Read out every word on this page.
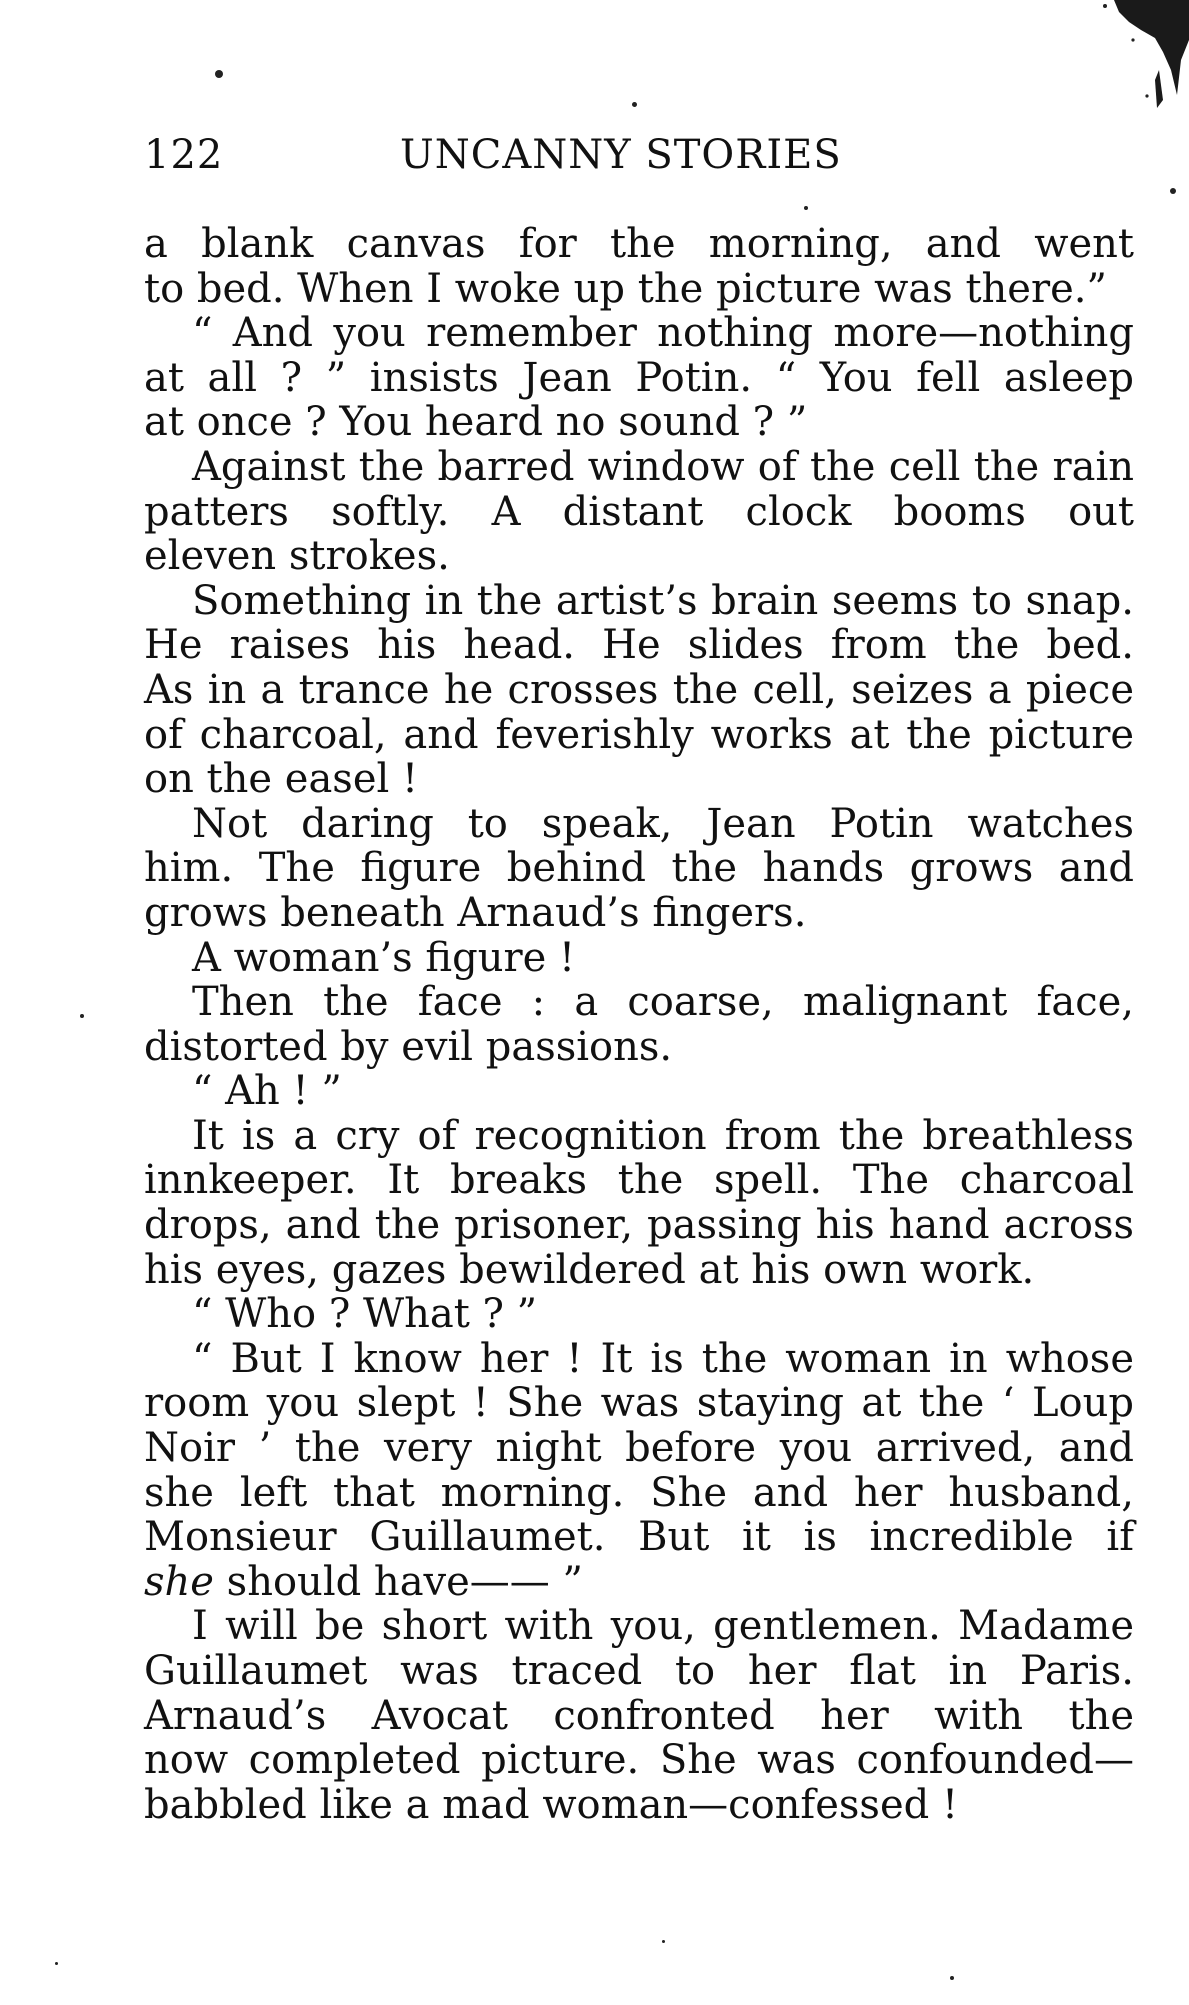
122	UNCANNY STORIES

a blank canvas for the morning, and went

to bed. When I woke up the picture was there.”

“ And you remember nothing more—nothing

at all ? ” insists Jean Potin. “ You fell asleep

at once ? You heard no sound ? ”

Against the barred window of the cell the rain

patters softly. A distant clock booms out

eleven strokes.

Something in the artist’s brain seems to snap.

He raises his head. He slides from the bed.

As in a trance he crosses the cell, seizes a piece

of charcoal, and feverishly works at the picture

on the easel !

Not daring to speak, Jean Potin watches

him. The figure behind the hands grows and

grows beneath Arnaud’s fingers.

A woman’s figure !

Then the face : a coarse, malignant face,

distorted by evil passions.

“ Ah ! ”

It is a cry of recognition from the breathless

innkeeper. It breaks the spell. The charcoal

drops, and the prisoner, passing his hand across

his eyes, gazes bewildered at his own work.

“ Who ? What ? ”

“ But I know her ! It is the woman in whose

room you slept ! She was staying at the ‘ Loup

Noir ’ the very night before you arrived, and

she left that morning. She and her husband,

Monsieur Guillaumet. But it is incredible if

she should have—— ”

I will be short with you, gentlemen. Madame

Guillaumet was traced to her flat in Paris.

Arnaud’s Avocat confronted her with the

now completed picture. She was confounded—

babbled like a mad woman—confessed !
